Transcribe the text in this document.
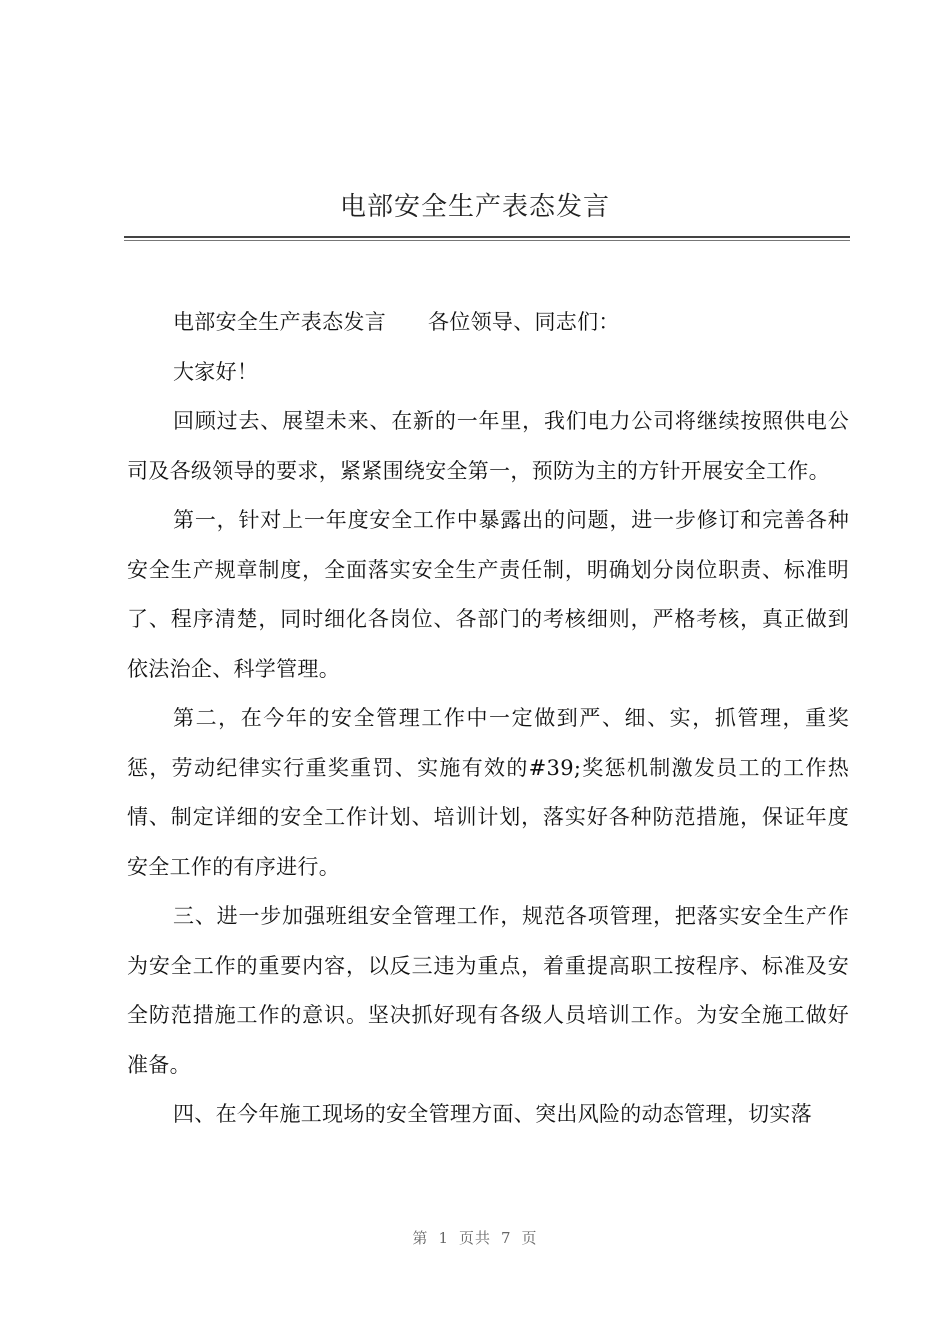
电部安全生产表态发言

电部安全生产表态发言 各位领导、同志们：

大家好！

回顾过去、展望未来、在新的一年里，我们电力公司将继续按照供电公司及各级领导的要求，紧紧围绕安全第一，预防为主的方针开展安全工作。

第一，针对上一年度安全工作中暴露出的问题，进一步修订和完善各种安全生产规章制度，全面落实安全生产责任制，明确划分岗位职责、标准明了、程序清楚，同时细化各岗位、各部门的考核细则，严格考核，真正做到依法治企、科学管理。

第二，在今年的安全管理工作中一定做到严、细、实，抓管理，重奖惩，劳动纪律实行重奖重罚、实施有效的#39;奖惩机制激发员工的工作热情、制定详细的安全工作计划、培训计划，落实好各种防范措施，保证年度安全工作的有序进行。

三、进一步加强班组安全管理工作，规范各项管理，把落实安全生产作为安全工作的重要内容，以反三违为重点，着重提高职工按程序、标准及安全防范措施工作的意识。坚决抓好现有各级人员培训工作。为安全施工做好准备。

四、在今年施工现场的安全管理方面、突出风险的动态管理，切实落

第 1 页共 7 页
